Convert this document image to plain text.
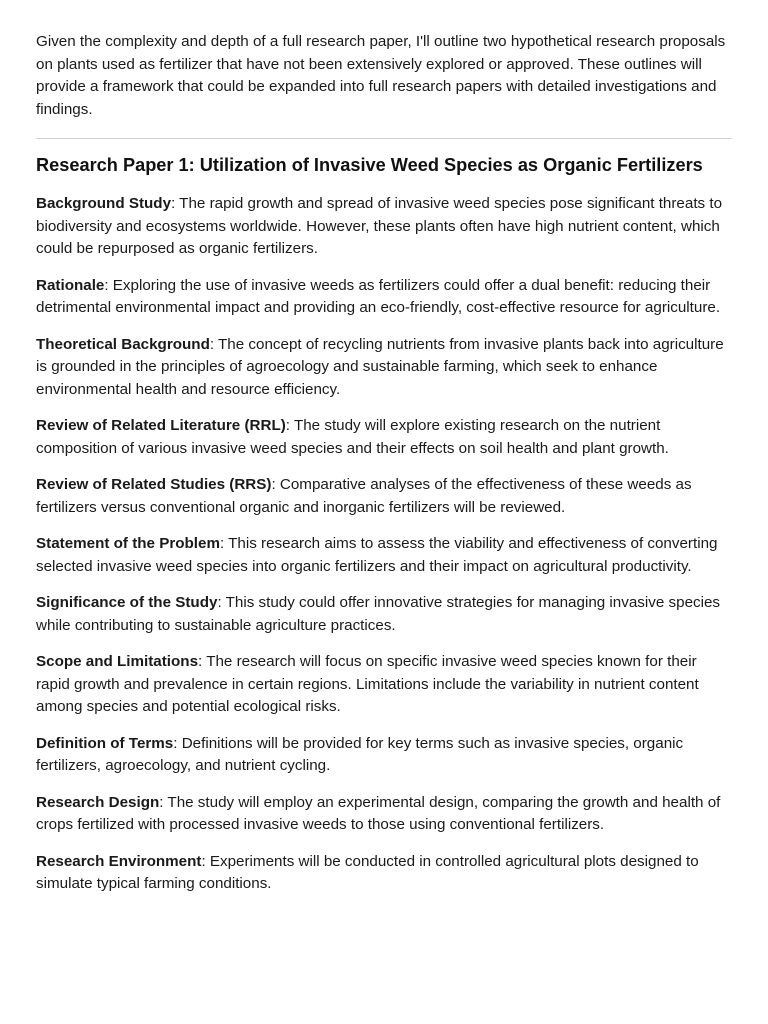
Given the complexity and depth of a full research paper, I'll outline two hypothetical research proposals on plants used as fertilizer that have not been extensively explored or approved. These outlines will provide a framework that could be expanded into full research papers with detailed investigations and findings.

Research Paper 1: Utilization of Invasive Weed Species as Organic Fertilizers

Background Study: The rapid growth and spread of invasive weed species pose significant threats to biodiversity and ecosystems worldwide. However, these plants often have high nutrient content, which could be repurposed as organic fertilizers.

Rationale: Exploring the use of invasive weeds as fertilizers could offer a dual benefit: reducing their detrimental environmental impact and providing an eco-friendly, cost-effective resource for agriculture.

Theoretical Background: The concept of recycling nutrients from invasive plants back into agriculture is grounded in the principles of agroecology and sustainable farming, which seek to enhance environmental health and resource efficiency.

Review of Related Literature (RRL): The study will explore existing research on the nutrient composition of various invasive weed species and their effects on soil health and plant growth.

Review of Related Studies (RRS): Comparative analyses of the effectiveness of these weeds as fertilizers versus conventional organic and inorganic fertilizers will be reviewed.

Statement of the Problem: This research aims to assess the viability and effectiveness of converting selected invasive weed species into organic fertilizers and their impact on agricultural productivity.

Significance of the Study: This study could offer innovative strategies for managing invasive species while contributing to sustainable agriculture practices.

Scope and Limitations: The research will focus on specific invasive weed species known for their rapid growth and prevalence in certain regions. Limitations include the variability in nutrient content among species and potential ecological risks.

Definition of Terms: Definitions will be provided for key terms such as invasive species, organic fertilizers, agroecology, and nutrient cycling.

Research Design: The study will employ an experimental design, comparing the growth and health of crops fertilized with processed invasive weeds to those using conventional fertilizers.

Research Environment: Experiments will be conducted in controlled agricultural plots designed to simulate typical farming conditions.
